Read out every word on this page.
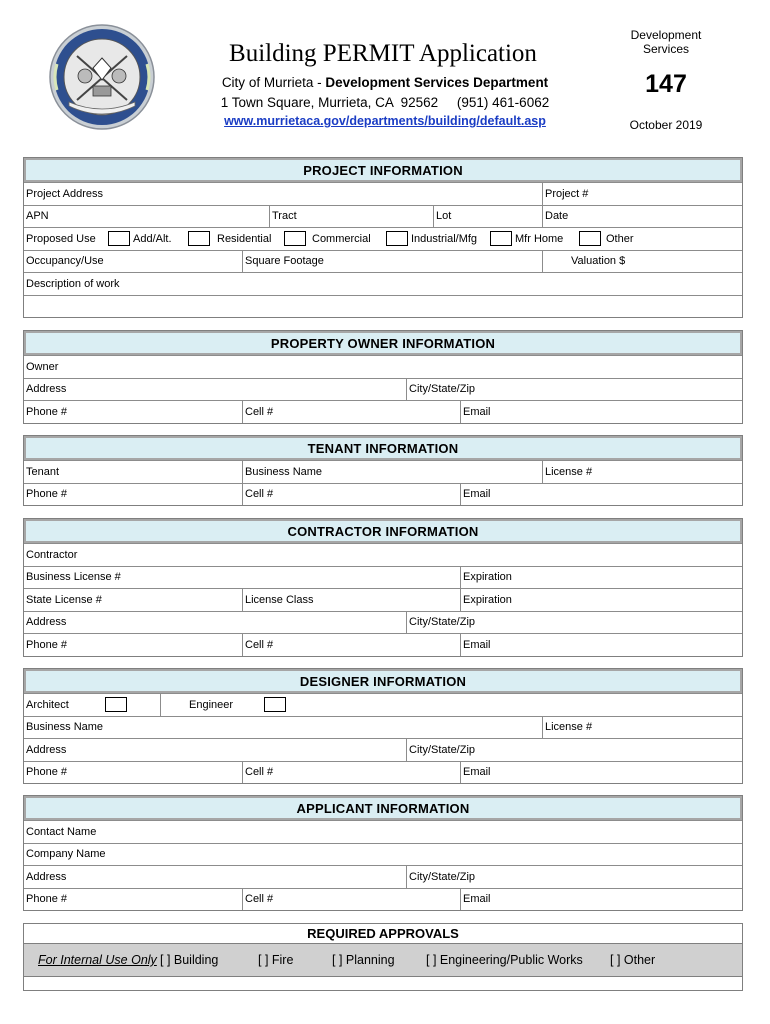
Building PERMIT Application
City of Murrieta - Development Services Department
1 Town Square, Murrieta, CA  92562     (951) 461-6062
www.murrietaca.gov/departments/building/default.asp
Development Services
147
October 2019
PROJECT INFORMATION
Project Address	Project #
APN	Tract	Lot	Date
Proposed Use	Add/Alt.	Residential	Commercial	Industrial/Mfg	Mfr Home	Other
Occupancy/Use	Square Footage	Valuation $
Description of work
PROPERTY OWNER INFORMATION
Owner
Address	City/State/Zip
Phone #	Cell #	Email
TENANT INFORMATION
Tenant	Business Name	License #
Phone #	Cell #	Email
CONTRACTOR INFORMATION
Contractor
Business License #	Expiration
State License #	License Class	Expiration
Address	City/State/Zip
Phone #	Cell #	Email
DESIGNER INFORMATION
Architect	Engineer
Business Name	License #
Address	City/State/Zip
Phone #	Cell #	Email
APPLICANT INFORMATION
Contact Name
Company Name
Address	City/State/Zip
Phone #	Cell #	Email
REQUIRED APPROVALS
For Internal Use Only [ ] Building	[ ] Fire	[ ] Planning	[ ] Engineering/Public Works [ ] Other
